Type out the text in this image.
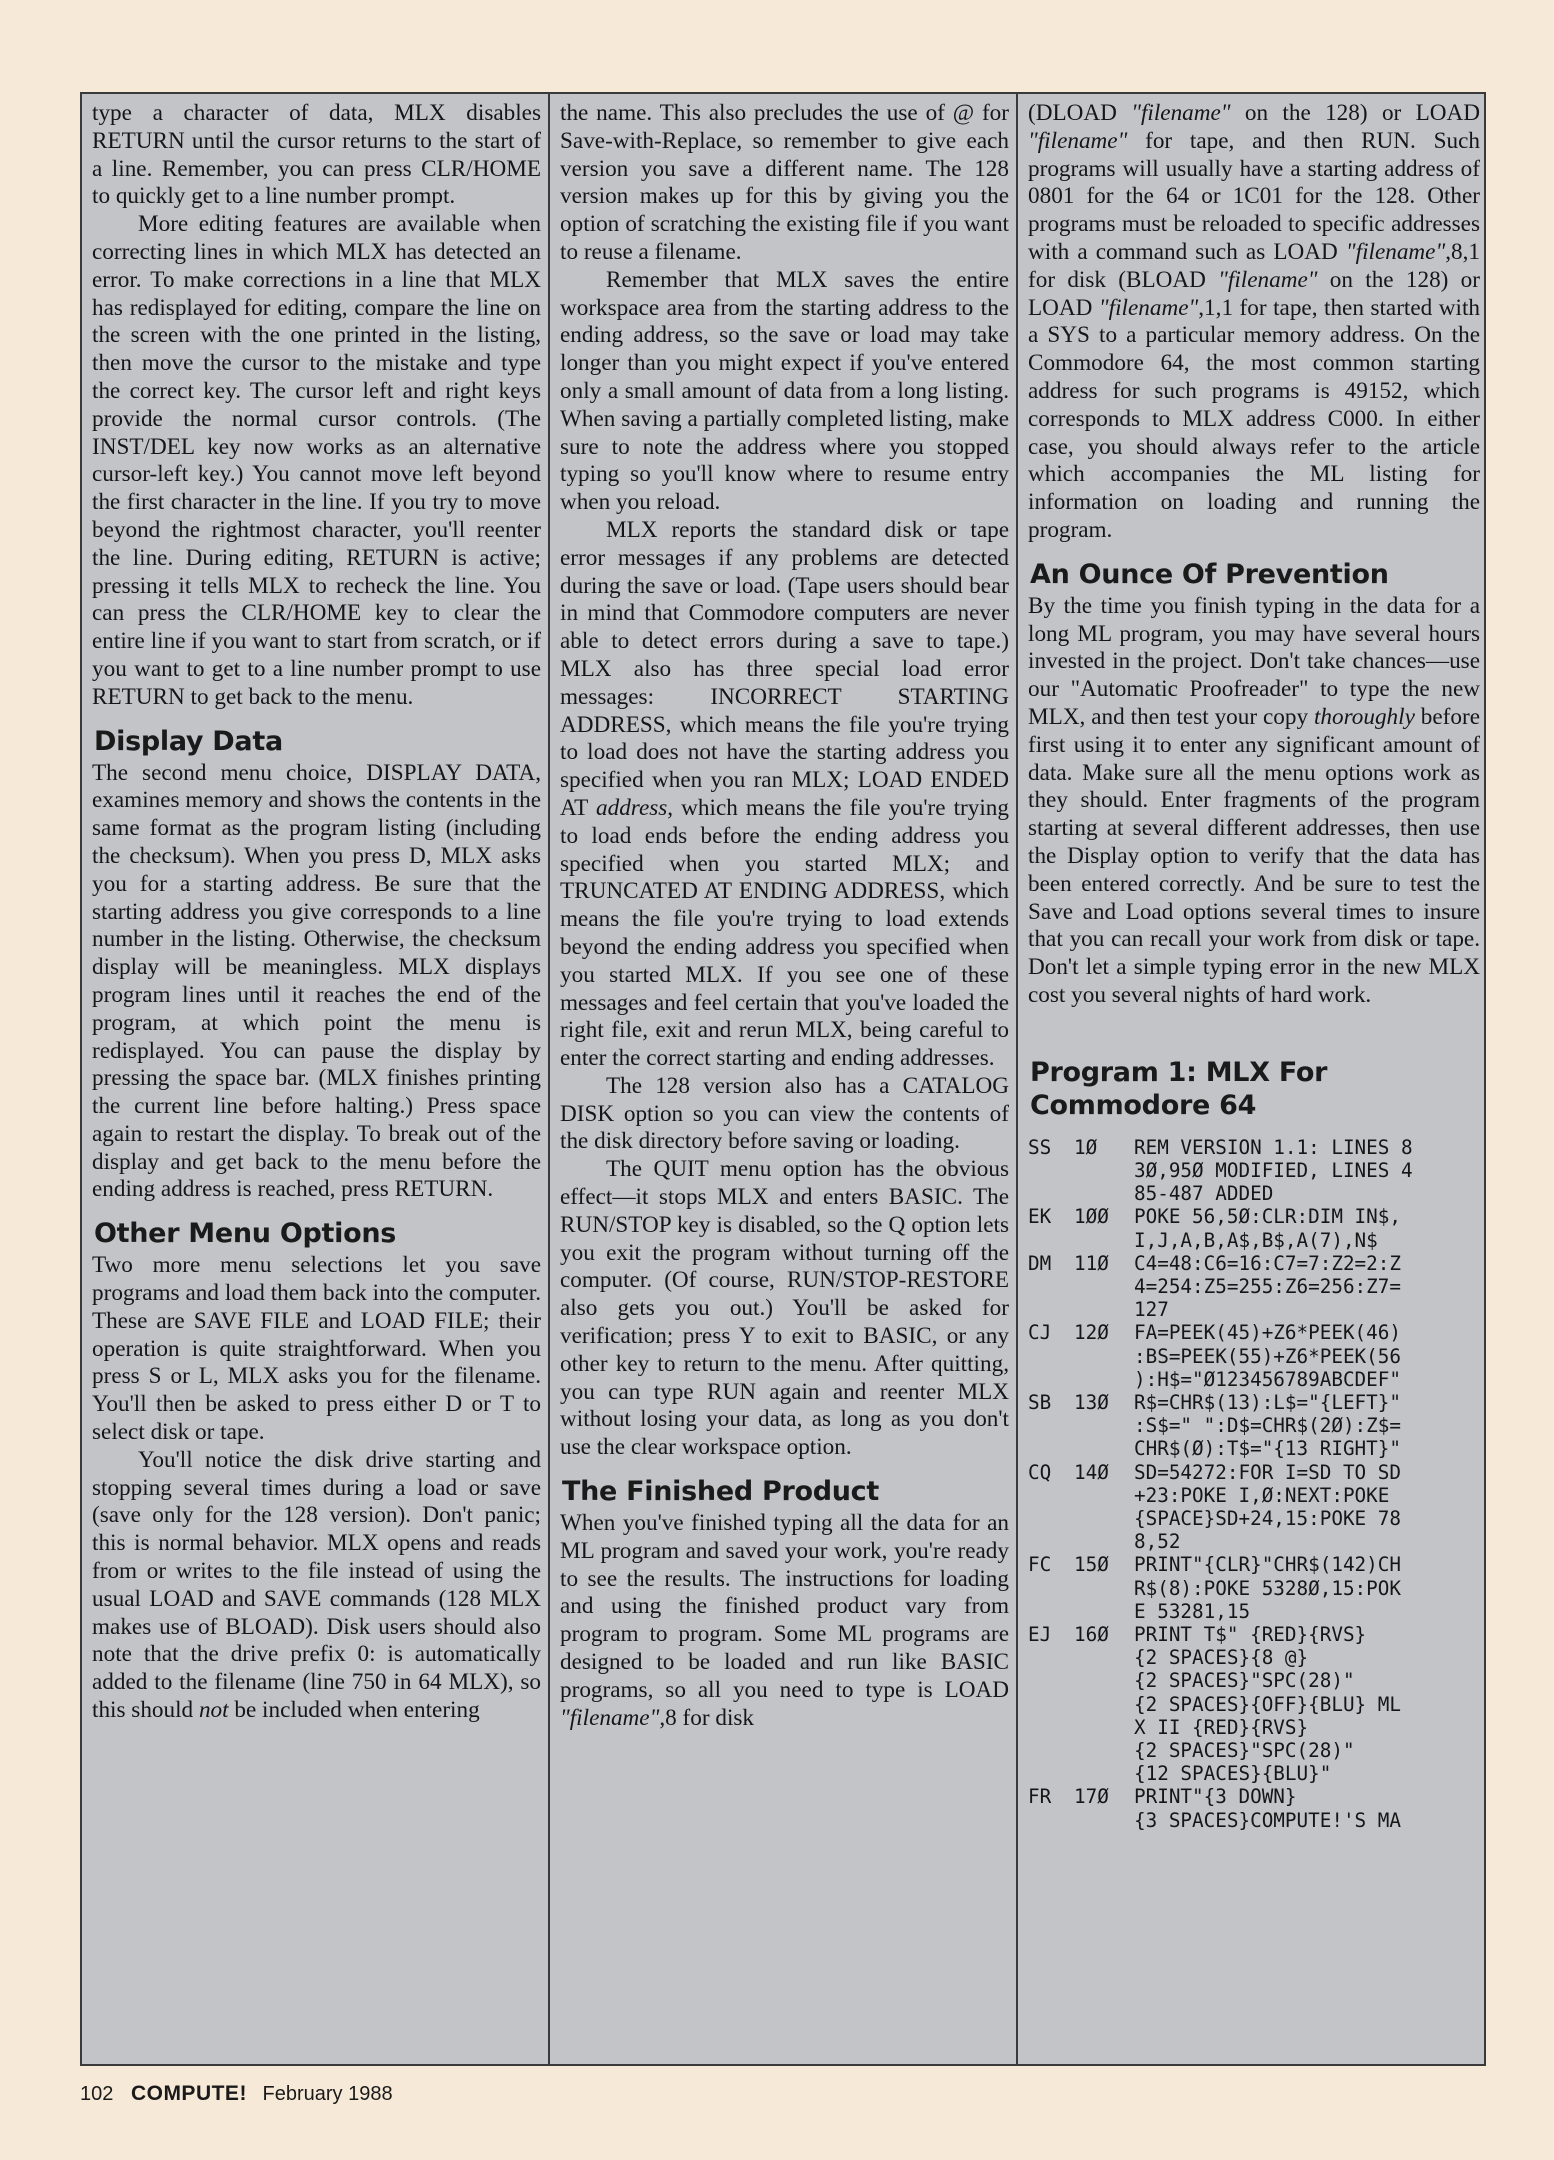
type a character of data, MLX disables RETURN until the cursor returns to the start of a line. Remember, you can press CLR/HOME to quickly get to a line number prompt.

More editing features are available when correcting lines in which MLX has detected an error. To make corrections in a line that MLX has redisplayed for editing, compare the line on the screen with the one printed in the listing, then move the cursor to the mistake and type the correct key. The cursor left and right keys provide the normal cursor controls. (The INST/DEL key now works as an alternative cursor-left key.) You cannot move left beyond the first character in the line. If you try to move beyond the rightmost character, you'll reenter the line. During editing, RETURN is active; pressing it tells MLX to recheck the line. You can press the CLR/HOME key to clear the entire line if you want to start from scratch, or if you want to get to a line number prompt to use RETURN to get back to the menu.

Display Data

The second menu choice, DISPLAY DATA, examines memory and shows the contents in the same format as the program listing (including the checksum). When you press D, MLX asks you for a starting address. Be sure that the starting address you give corresponds to a line number in the listing. Otherwise, the checksum display will be meaningless. MLX displays program lines until it reaches the end of the program, at which point the menu is redisplayed. You can pause the display by pressing the space bar. (MLX finishes printing the current line before halting.) Press space again to restart the display. To break out of the display and get back to the menu before the ending address is reached, press RETURN.

Other Menu Options

Two more menu selections let you save programs and load them back into the computer. These are SAVE FILE and LOAD FILE; their operation is quite straightforward. When you press S or L, MLX asks you for the filename. You'll then be asked to press either D or T to select disk or tape.

You'll notice the disk drive starting and stopping several times during a load or save (save only for the 128 version). Don't panic; this is normal behavior. MLX opens and reads from or writes to the file instead of using the usual LOAD and SAVE commands (128 MLX makes use of BLOAD). Disk users should also note that the drive prefix 0: is automatically added to the filename (line 750 in 64 MLX), so this should not be included when entering

the name. This also precludes the use of @ for Save-with-Replace, so remember to give each version you save a different name. The 128 version makes up for this by giving you the option of scratching the existing file if you want to reuse a filename.

Remember that MLX saves the entire workspace area from the starting address to the ending address, so the save or load may take longer than you might expect if you've entered only a small amount of data from a long listing. When saving a partially completed listing, make sure to note the address where you stopped typing so you'll know where to resume entry when you reload.

MLX reports the standard disk or tape error messages if any problems are detected during the save or load. (Tape users should bear in mind that Commodore computers are never able to detect errors during a save to tape.) MLX also has three special load error messages: INCORRECT STARTING ADDRESS, which means the file you're trying to load does not have the starting address you specified when you ran MLX; LOAD ENDED AT address, which means the file you're trying to load ends before the ending address you specified when you started MLX; and TRUNCATED AT ENDING ADDRESS, which means the file you're trying to load extends beyond the ending address you specified when you started MLX. If you see one of these messages and feel certain that you've loaded the right file, exit and rerun MLX, being careful to enter the correct starting and ending addresses.

The 128 version also has a CATALOG DISK option so you can view the contents of the disk directory before saving or loading.

The QUIT menu option has the obvious effect—it stops MLX and enters BASIC. The RUN/STOP key is disabled, so the Q option lets you exit the program without turning off the computer. (Of course, RUN/STOP-RESTORE also gets you out.) You'll be asked for verification; press Y to exit to BASIC, or any other key to return to the menu. After quitting, you can type RUN again and reenter MLX without losing your data, as long as you don't use the clear workspace option.

The Finished Product

When you've finished typing all the data for an ML program and saved your work, you're ready to see the results. The instructions for loading and using the finished product vary from program to program. Some ML programs are designed to be loaded and run like BASIC programs, so all you need to type is LOAD "filename",8 for disk

(DLOAD "filename" on the 128) or LOAD "filename" for tape, and then RUN. Such programs will usually have a starting address of 0801 for the 64 or 1C01 for the 128. Other programs must be reloaded to specific addresses with a command such as LOAD "filename",8,1 for disk (BLOAD "filename" on the 128) or LOAD "filename",1,1 for tape, then started with a SYS to a particular memory address. On the Commodore 64, the most common starting address for such programs is 49152, which corresponds to MLX address C000. In either case, you should always refer to the article which accompanies the ML listing for information on loading and running the program.

An Ounce Of Prevention

By the time you finish typing in the data for a long ML program, you may have several hours invested in the project. Don't take chances—use our "Automatic Proofreader" to type the new MLX, and then test your copy thoroughly before first using it to enter any significant amount of data. Make sure all the menu options work as they should. Enter fragments of the program starting at several different addresses, then use the Display option to verify that the data has been entered correctly. And be sure to test the Save and Load options several times to insure that you can recall your work from disk or tape. Don't let a simple typing error in the new MLX cost you several nights of hard work.

Program 1: MLX For
Commodore 64
SS	1Ø	REM VERSION 1.1: LINES 8
3Ø,95Ø MODIFIED, LINES 4
85-487 ADDED
EK	1ØØ	POKE 56,5Ø:CLR:DIM IN$,
I,J,A,B,A$,B$,A(7),N$
DM	11Ø	C4=48:C6=16:C7=7:Z2=2:Z
4=254:Z5=255:Z6=256:Z7=
127
CJ	12Ø	FA=PEEK(45)+Z6*PEEK(46)
:BS=PEEK(55)+Z6*PEEK(56
):H$="Ø123456789ABCDEF"
SB	13Ø	R$=CHR$(13):L$="{LEFT}"
:S$=" ":D$=CHR$(2Ø):Z$=
CHR$(Ø):T$="{13 RIGHT}"
CQ	14Ø	SD=54272:FOR I=SD TO SD
+23:POKE I,Ø:NEXT:POKE
{SPACE}SD+24,15:POKE 78
8,52
FC	15Ø	PRINT"{CLR}"CHR$(142)CH
R$(8):POKE 5328Ø,15:POK
E 53281,15
EJ	16Ø	PRINT T$" {RED}{RVS}
{2 SPACES}{8 @}
{2 SPACES}"SPC(28)"
{2 SPACES}{OFF}{BLU} ML
X II {RED}{RVS}
{2 SPACES}"SPC(28)"
{12 SPACES}{BLU}"
FR	17Ø	PRINT"{3 DOWN}
{3 SPACES}COMPUTE!'S MA
102 COMPUTE! February 1988
